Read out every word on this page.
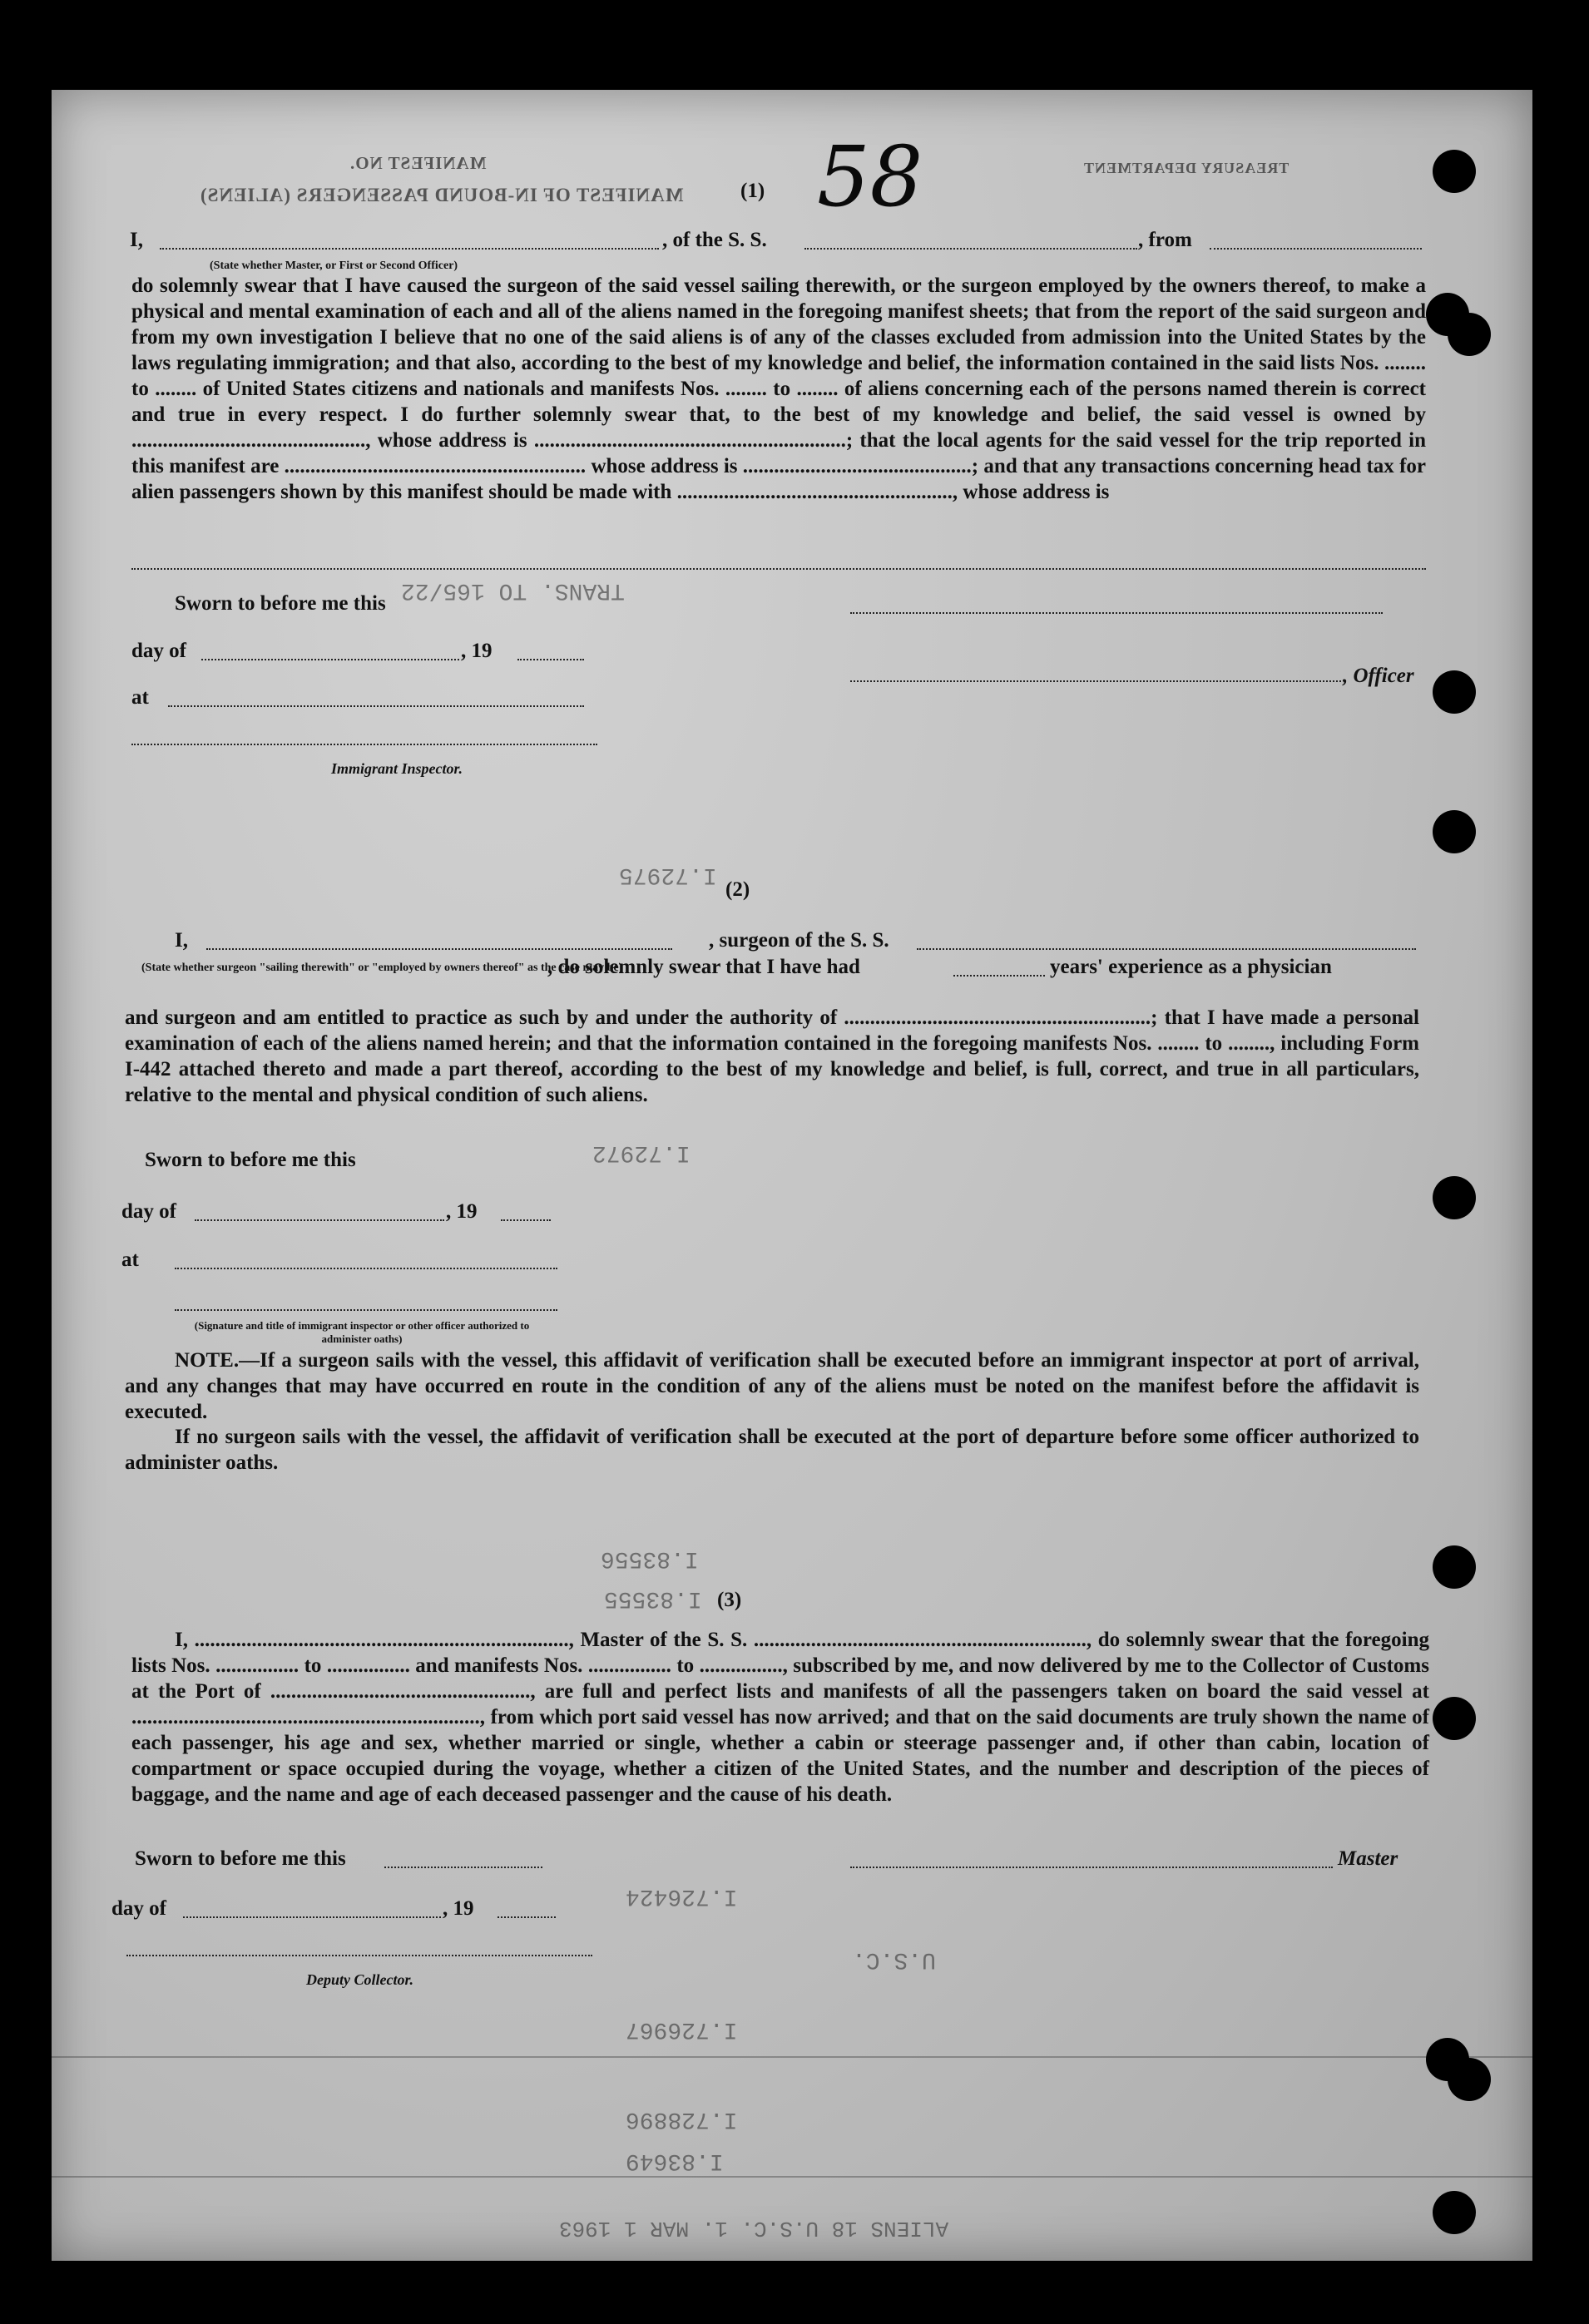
MANIFEST NO.
MANIFEST OF IN-BOUND PASSENGERS (ALIENS)
TREASURY DEPARTMENT
58
(1)
I,	, of the S. S.	, from
(State whether Master, or First or Second Officer)
do solemnly swear that I have caused the surgeon of the said vessel sailing therewith, or the surgeon employed by the owners thereof, to make a physical and mental examination of each and all of the aliens named in the foregoing manifest sheets; that from the report of the said surgeon and from my own investigation I believe that no one of the said aliens is of any of the classes excluded from admission into the United States by the laws regulating immigration; and that also, according to the best of my knowledge and belief, the information contained in the said lists Nos. ........ to ........ of United States citizens and nationals and manifests Nos. ........ to ........ of aliens concerning each of the persons named therein is correct and true in every respect. I do further solemnly swear that, to the best of my knowledge and belief, the said vessel is owned by ............................................., whose address is ............................................................; that the local agents for the said vessel for the trip reported in this manifest are .......................................................... whose address is ............................................; and that any transactions concerning head tax for alien passengers shown by this manifest should be made with ....................................................., whose address is
Sworn to before me this
day of	, 19
, Officer
at
Immigrant Inspector.
TRANS. TO 165/22
I.72975
(2)
I,	, surgeon of the S. S.
(State whether surgeon "sailing therewith" or "employed by owners thereof" as the case may be)
, do solemnly swear that I have had	years' experience as a physician
and surgeon and am entitled to practice as such by and under the authority of ...........................................................; that I have made a personal examination of each of the aliens named herein; and that the information contained in the foregoing manifests Nos. ........ to ........, including Form I-442 attached thereto and made a part thereof, according to the best of my knowledge and belief, is full, correct, and true in all particulars, relative to the mental and physical condition of such aliens.
Sworn to before me this
day of	, 19
at
(Signature and title of immigrant inspector or other officer authorized to administer oaths)
NOTE.—If a surgeon sails with the vessel, this affidavit of verification shall be executed before an immigrant inspector at port of arrival, and any changes that may have occurred en route in the condition of any of the aliens must be noted on the manifest before the affidavit is executed.
If no surgeon sails with the vessel, the affidavit of verification shall be executed at the port of departure before some officer authorized to administer oaths.
I.72972
I.83556
I.83555 (3)
I, ........................................................................, Master of the S. S. ................................................................, do solemnly swear that the foregoing lists Nos. ................ to ................ and manifests Nos. ................ to ................, subscribed by me, and now delivered by me to the Collector of Customs at the Port of .................................................., are full and perfect lists and manifests of all the passengers taken on board the said vessel at ..................................................................., from which port said vessel has now arrived; and that on the said documents are truly shown the name of each passenger, his age and sex, whether married or single, whether a cabin or steerage passenger and, if other than cabin, location of compartment or space occupied during the voyage, whether a citizen of the United States, and the number and description of the pieces of baggage, and the name and age of each deceased passenger and the cause of his death.
Sworn to before me this	Master
day of	, 19
Deputy Collector.
I.726424
U.S.C.
I.726967
I.728896
I.83649
ALIENS 18 U.S.C. 1. MAR 1 1963
